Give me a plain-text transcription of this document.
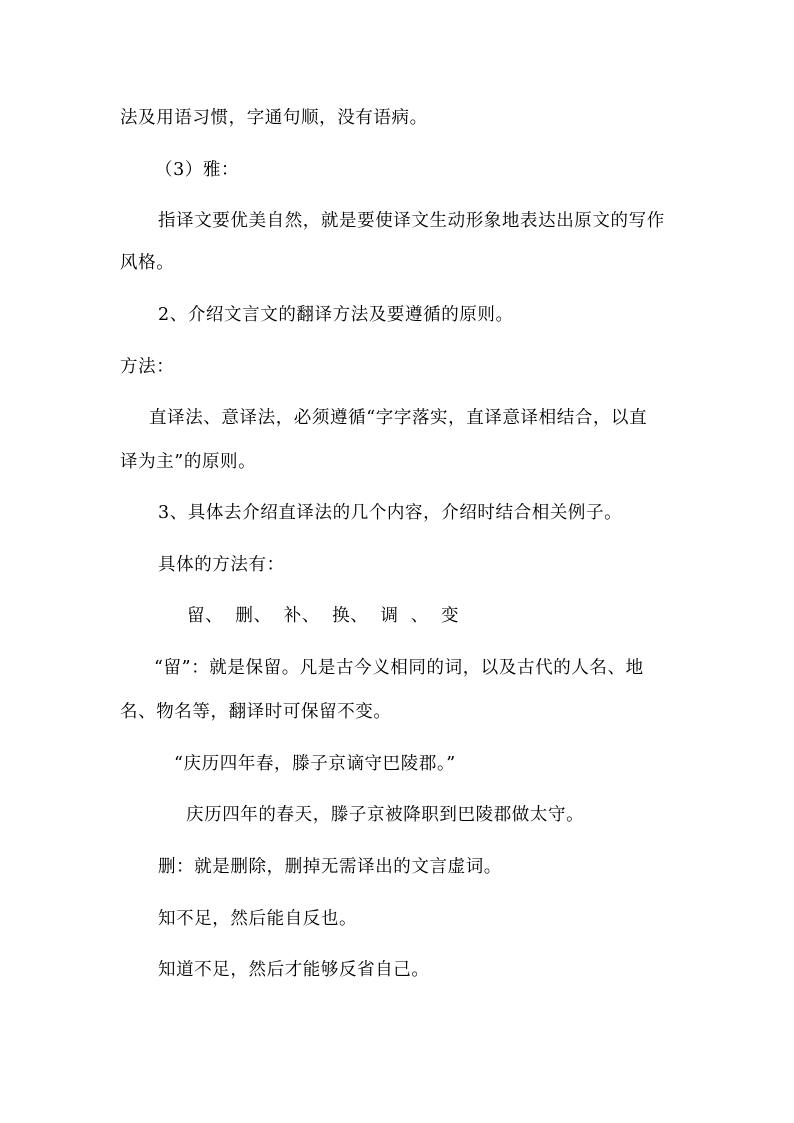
法及用语习惯，字通句顺，没有语病。
（3）雅：
指译文要优美自然，就是要使译文生动形象地表达出原文的写作
风格。
2、介绍文言文的翻译方法及要遵循的原则。
方法：
直译法、意译法，必须遵循“字字落实，直译意译相结合，以直
译为主”的原则。
3、具体去介绍直译法的几个内容，介绍时结合相关例子。
具体的方法有：
留、 删、 补、 换、 调 、 变
“留”：就是保留。凡是古今义相同的词，以及古代的人名、地
名、物名等，翻译时可保留不变。
“庆历四年春，滕子京谪守巴陵郡。”
庆历四年的春天，滕子京被降职到巴陵郡做太守。
删：就是删除，删掉无需译出的文言虚词。
知不足，然后能自反也。
知道不足，然后才能够反省自己。
